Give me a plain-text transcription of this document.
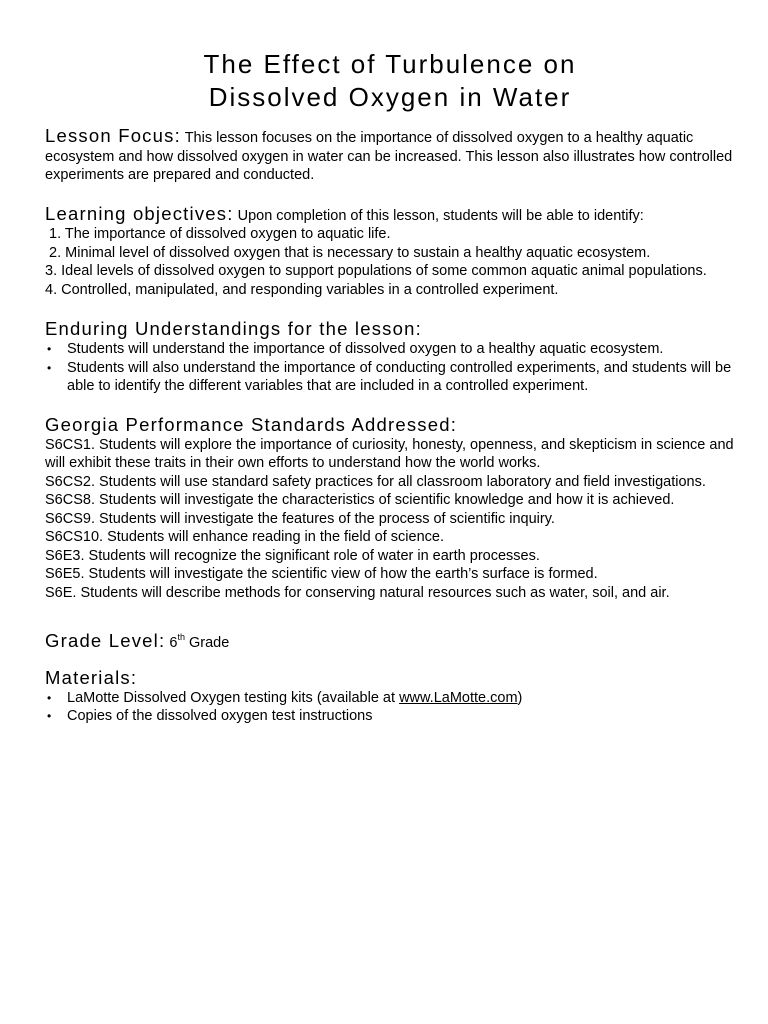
The Effect of Turbulence on
Dissolved Oxygen in Water

Lesson Focus: This lesson focuses on the importance of dissolved oxygen to a healthy aquatic ecosystem and how dissolved oxygen in water can be increased. This lesson also illustrates how controlled experiments are prepared and conducted.

Learning objectives: Upon completion of this lesson, students will be able to identify:

1. The importance of dissolved oxygen to aquatic life.

2. Minimal level of dissolved oxygen that is necessary to sustain a healthy aquatic ecosystem.

3. Ideal levels of dissolved oxygen to support populations of some common aquatic animal populations.

4. Controlled, manipulated, and responding variables in a controlled experiment.

Enduring Understandings for the lesson:
• Students will understand the importance of dissolved oxygen to a healthy aquatic ecosystem.
• Students will also understand the importance of conducting controlled experiments, and students will be able to identify the different variables that are included in a controlled experiment.
Georgia Performance Standards Addressed:

S6CS1. Students will explore the importance of curiosity, honesty, openness, and skepticism in science and will exhibit these traits in their own efforts to understand how the world works.

S6CS2. Students will use standard safety practices for all classroom laboratory and field investigations.

S6CS8. Students will investigate the characteristics of scientific knowledge and how it is achieved.

S6CS9. Students will investigate the features of the process of scientific inquiry.

S6CS10. Students will enhance reading in the field of science.

S6E3. Students will recognize the significant role of water in earth processes.

S6E5. Students will investigate the scientific view of how the earth’s surface is formed.

S6E. Students will describe methods for conserving natural resources such as water, soil, and air.

Grade Level: 6th Grade

Materials:
• LaMotte Dissolved Oxygen testing kits (available at www.LaMotte.com)
• Copies of the dissolved oxygen test instructions
